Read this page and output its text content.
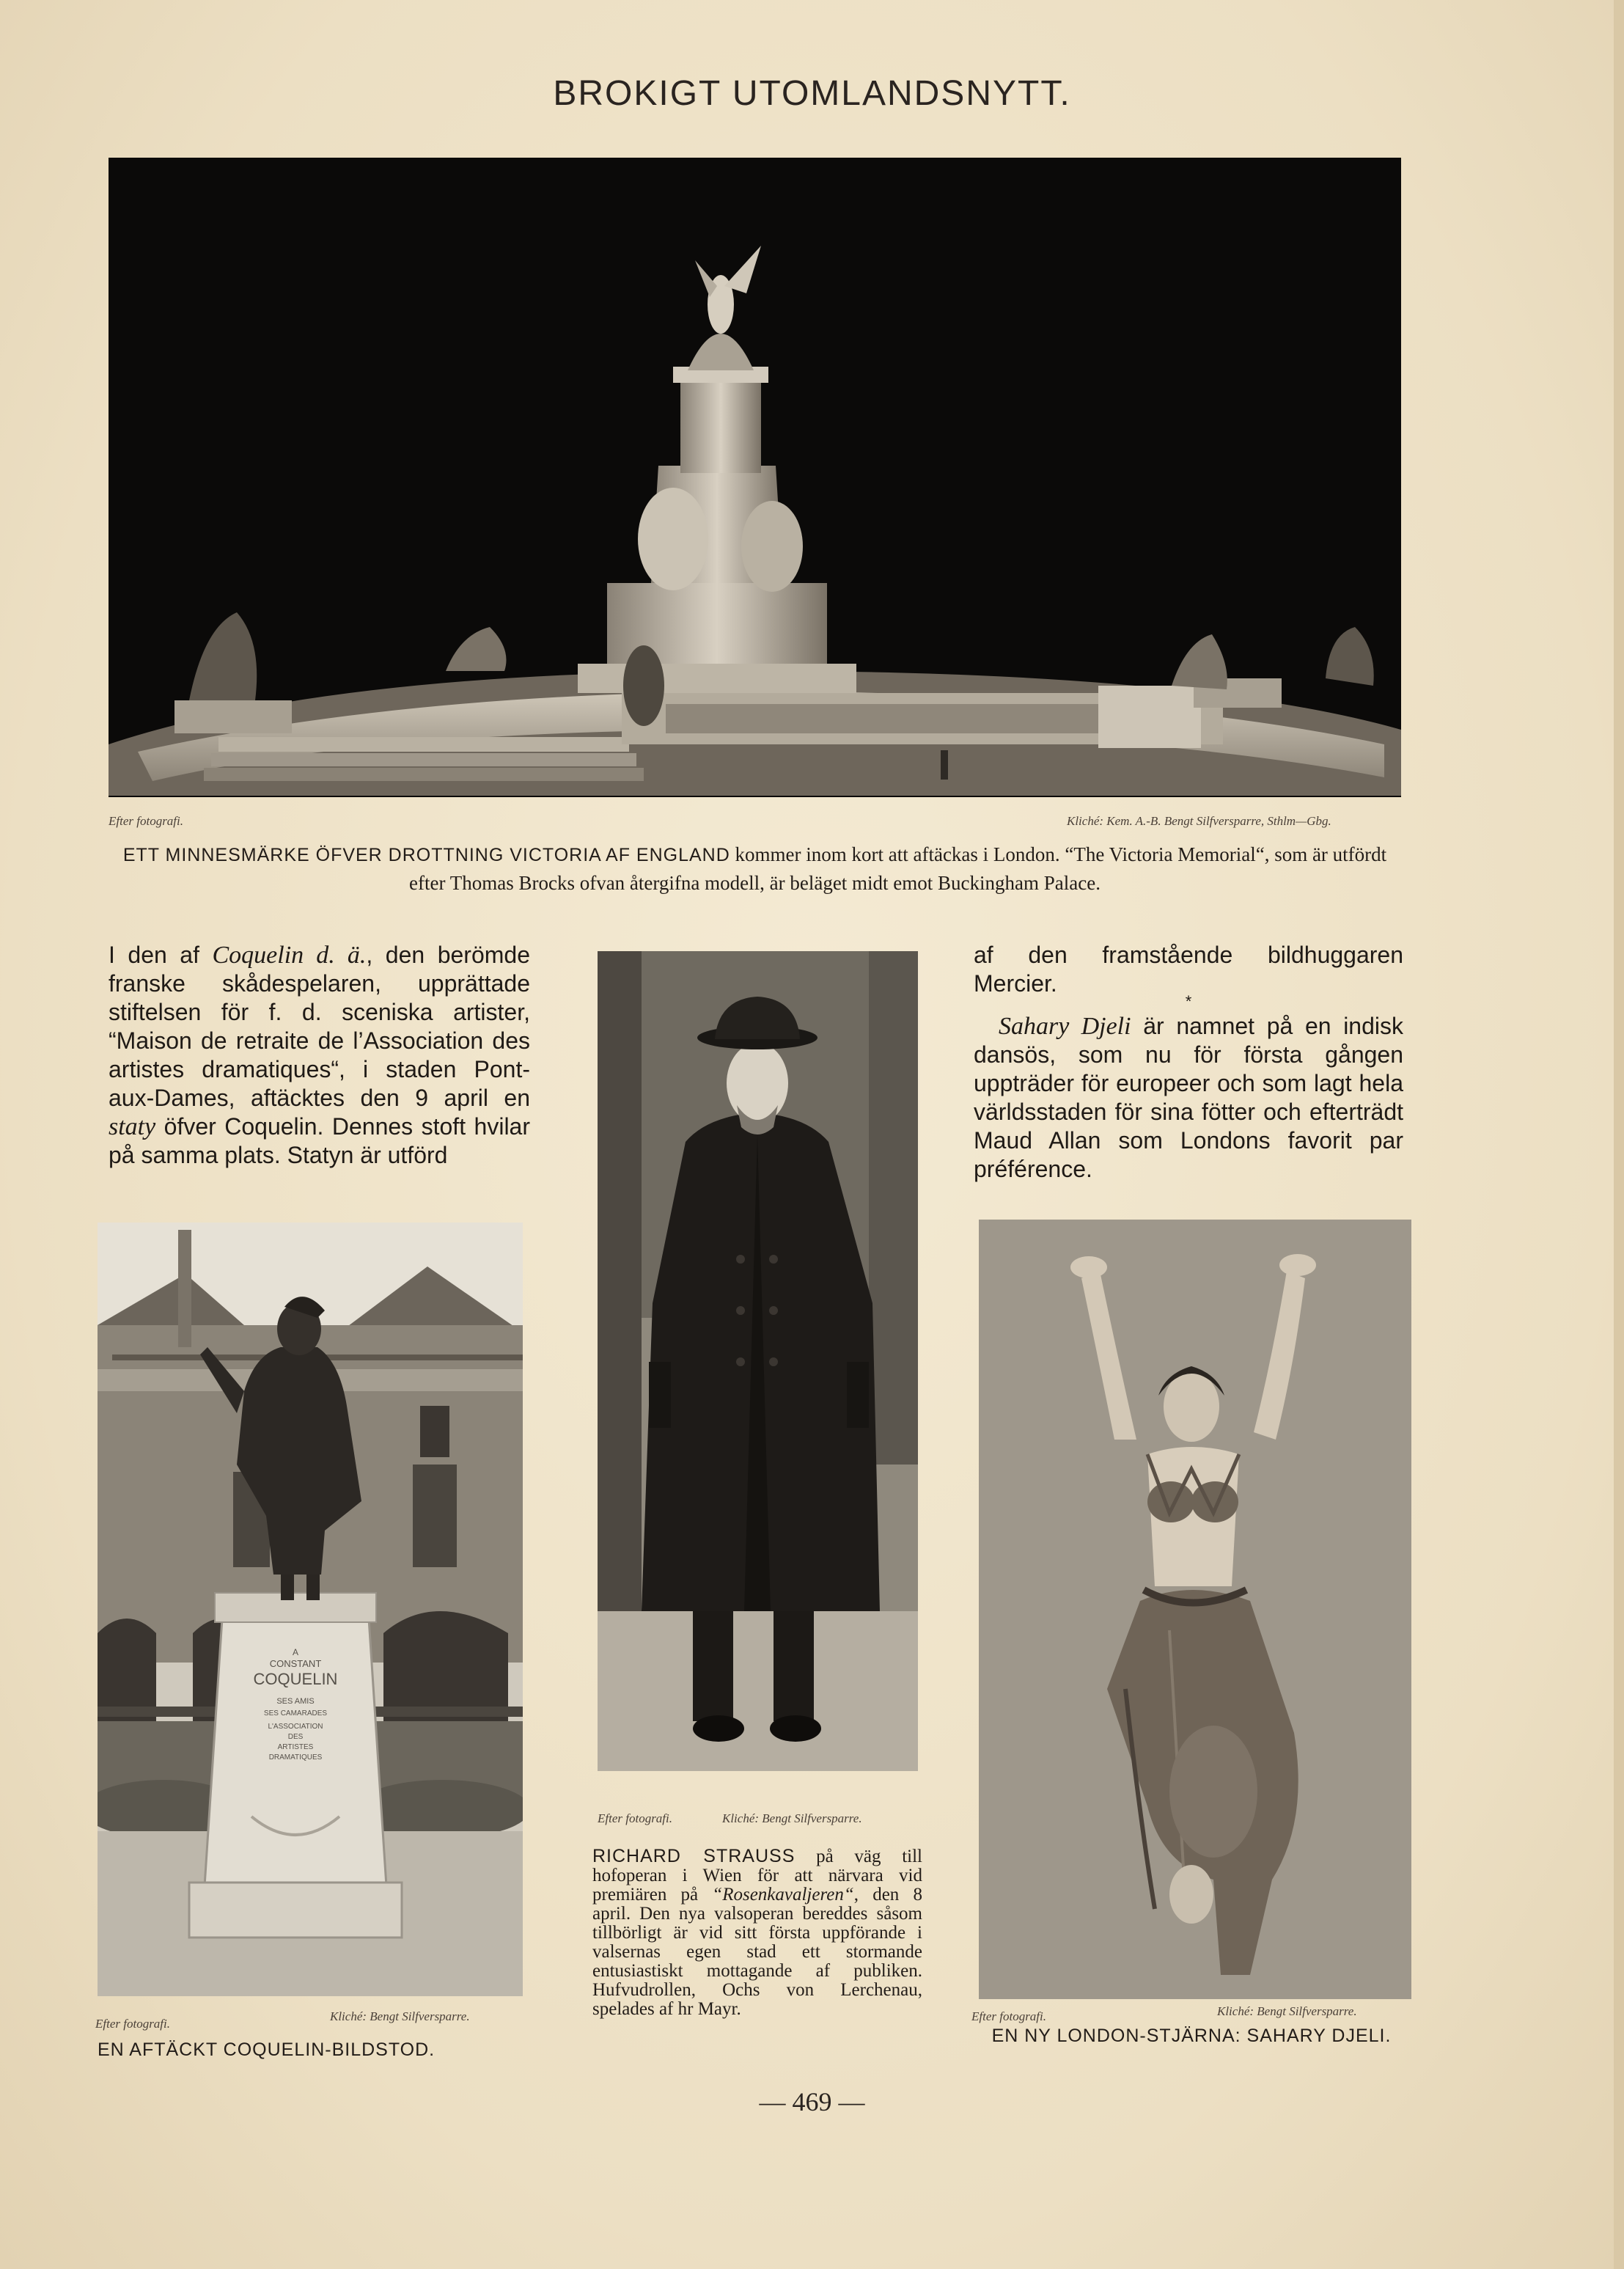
BROKIGT UTOMLANDSNYTT.
Efter fotografi.	Kliché: Kem. A.-B. Bengt Silfversparre, Sthlm—Gbg.
ETT MINNESMÄRKE ÖFVER DROTTNING VICTORIA AF ENGLAND kommer inom kort att aftäckas i London. “The Victoria Memorial“, som är utfördt efter Thomas Brocks ofvan återgifna modell, är beläget midt emot Buckingham Palace.
I den af Coquelin d. ä., den berömde franske skådespelaren, upprättade stiftelsen för f. d. sceniska artister, “Maison de retraite de l’Association des artistes dramatiques“, i staden Pont-aux-Dames, aftäcktes den 9 april en staty öfver Coquelin. Dennes stoft hvilar på samma plats. Statyn är utförd
A
CONSTANT
COQUELIN
SES AMIS
SES CAMARADES
L'ASSOCIATION
DES
ARTISTES
DRAMATIQUES
Efter fotografi.
Kliché: Bengt Silfversparre.
EN AFTÄCKT COQUELIN-BILDSTOD.
Efter fotografi.	Kliché: Bengt Silfversparre.
RICHARD STRAUSS på väg till hofoperan i Wien för att närvara vid premiären på “Rosenkavaljeren“, den 8 april. Den nya valsoperan bereddes såsom tillbörligt är vid sitt första uppförande i valsernas egen stad ett stormande entusiastiskt mottagande af publiken. Hufvudrollen, Ochs von Lerchenau, spelades af hr Mayr.
af den framstående bildhuggaren Mercier.
*
Sahary Djeli är namnet på en indisk dansös, som nu för första gången uppträder för europeer och som lagt hela världsstaden för sina fötter och efterträdt Maud Allan som Londons favorit par préférence.
Efter fotografi.	Kliché: Bengt Silfversparre.
EN NY LONDON-STJÄRNA: SAHARY DJELI.
— 469 —
